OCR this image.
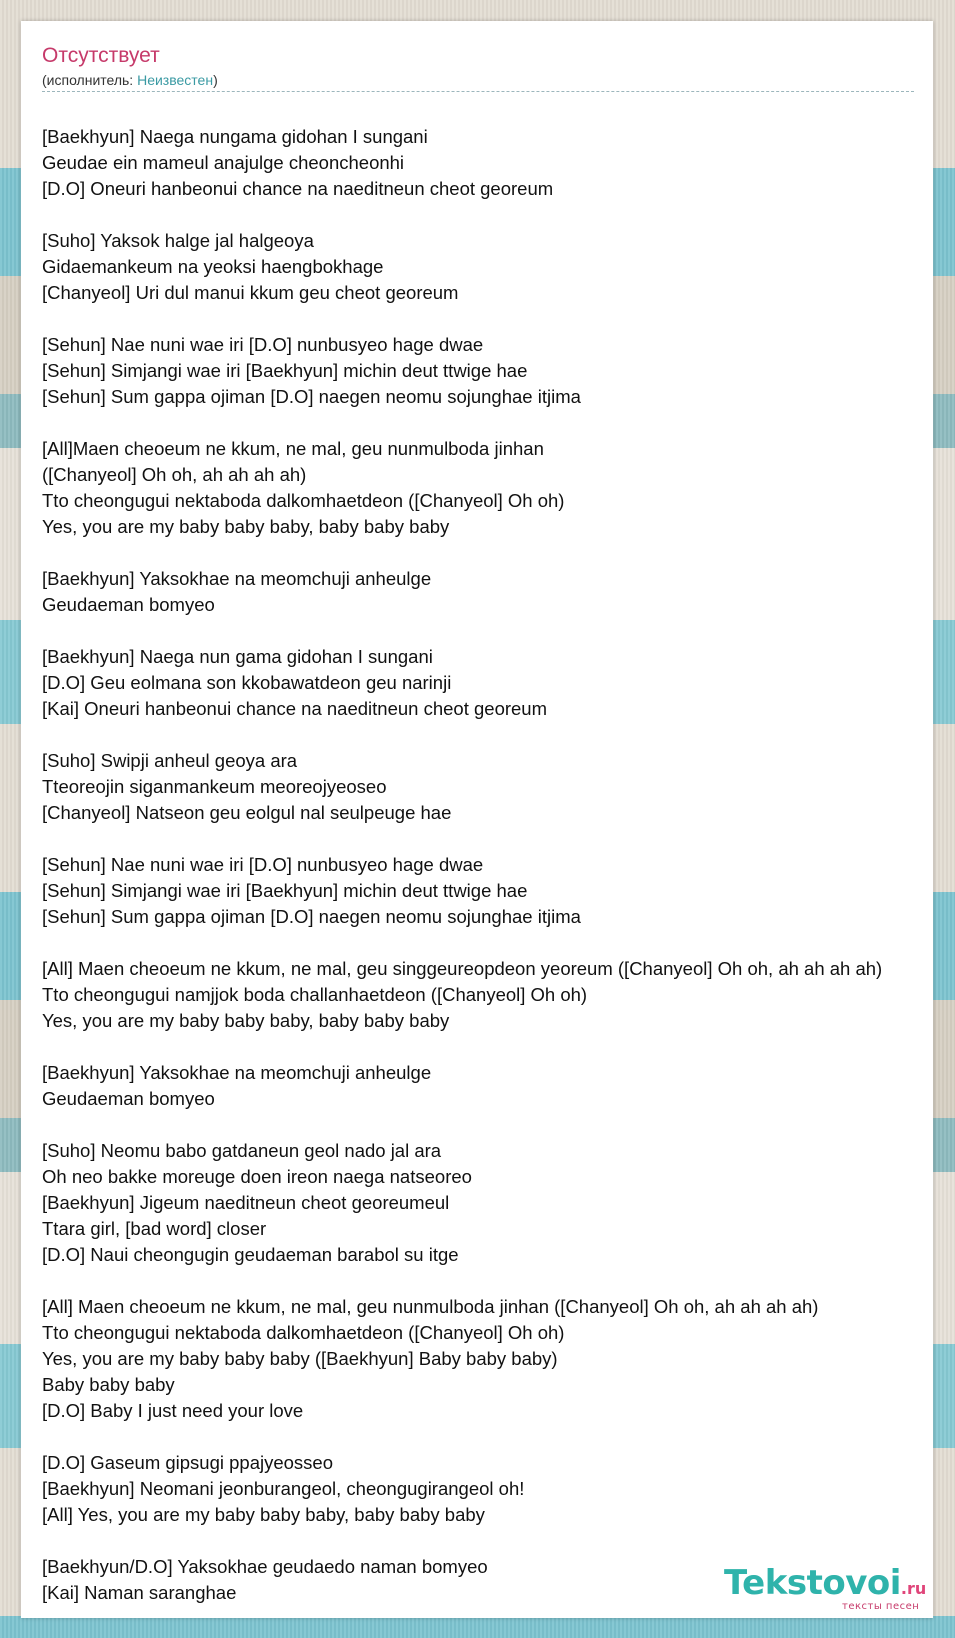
Отсутствует
(исполнитель: Неизвестен)
[Baekhyun] Naega nungama gidohan I sungani
Geudae ein mameul anajulge cheoncheonhi
[D.O] Oneuri hanbeonui chance na naeditneun cheot georeum
[Suho] Yaksok halge jal halgeoya
Gidaemankeum na yeoksi haengbokhage
[Chanyeol] Uri dul manui kkum geu cheot georeum
[Sehun] Nae nuni wae iri [D.O] nunbusyeo hage dwae
[Sehun] Simjangi wae iri [Baekhyun] michin deut ttwige hae
[Sehun] Sum gappa ojiman [D.O] naegen neomu sojunghae itjima
[All]Maen cheoeum ne kkum, ne mal, geu nunmulboda jinhan
([Chanyeol] Oh oh, ah ah ah ah)
Tto cheongugui nektaboda dalkomhaetdeon ([Chanyeol] Oh oh)
Yes, you are my baby baby baby, baby baby baby
[Baekhyun] Yaksokhae na meomchuji anheulge
Geudaeman bomyeo
[Baekhyun] Naega nun gama gidohan I sungani
[D.O] Geu eolmana son kkobawatdeon geu narinji
[Kai] Oneuri hanbeonui chance na naeditneun cheot georeum
[Suho] Swipji anheul geoya ara
Tteoreojin siganmankeum meoreojyeoseo
[Chanyeol] Natseon geu eolgul nal seulpeuge hae
[Sehun] Nae nuni wae iri [D.O] nunbusyeo hage dwae
[Sehun] Simjangi wae iri [Baekhyun] michin deut ttwige hae
[Sehun] Sum gappa ojiman [D.O] naegen neomu sojunghae itjima
[All] Maen cheoeum ne kkum, ne mal, geu singgeureopdeon yeoreum ([Chanyeol] Oh oh, ah ah ah ah)
Tto cheongugui namjjok boda challanhaetdeon ([Chanyeol] Oh oh)
Yes, you are my baby baby baby, baby baby baby
[Baekhyun] Yaksokhae na meomchuji anheulge
Geudaeman bomyeo
[Suho] Neomu babo gatdaneun geol nado jal ara
Oh neo bakke moreuge doen ireon naega natseoreo
[Baekhyun] Jigeum naeditneun cheot georeumeul
Ttara girl, [bad word] closer
[D.O] Naui cheongugin geudaeman barabol su itge
[All] Maen cheoeum ne kkum, ne mal, geu nunmulboda jinhan ([Chanyeol] Oh oh, ah ah ah ah)
Tto cheongugui nektaboda dalkomhaetdeon ([Chanyeol] Oh oh)
Yes, you are my baby baby baby ([Baekhyun] Baby baby baby)
Baby baby baby
[D.O] Baby I just need your love
[D.O] Gaseum gipsugi ppajyeosseo
[Baekhyun] Neomani jeonburangeol, cheongugirangeol oh!
[All] Yes, you are my baby baby baby, baby baby baby
[Baekhyun/D.O] Yaksokhae geudaedo naman bomyeo
[Kai] Naman saranghae	Tekstovoi.ru
тексты песен
